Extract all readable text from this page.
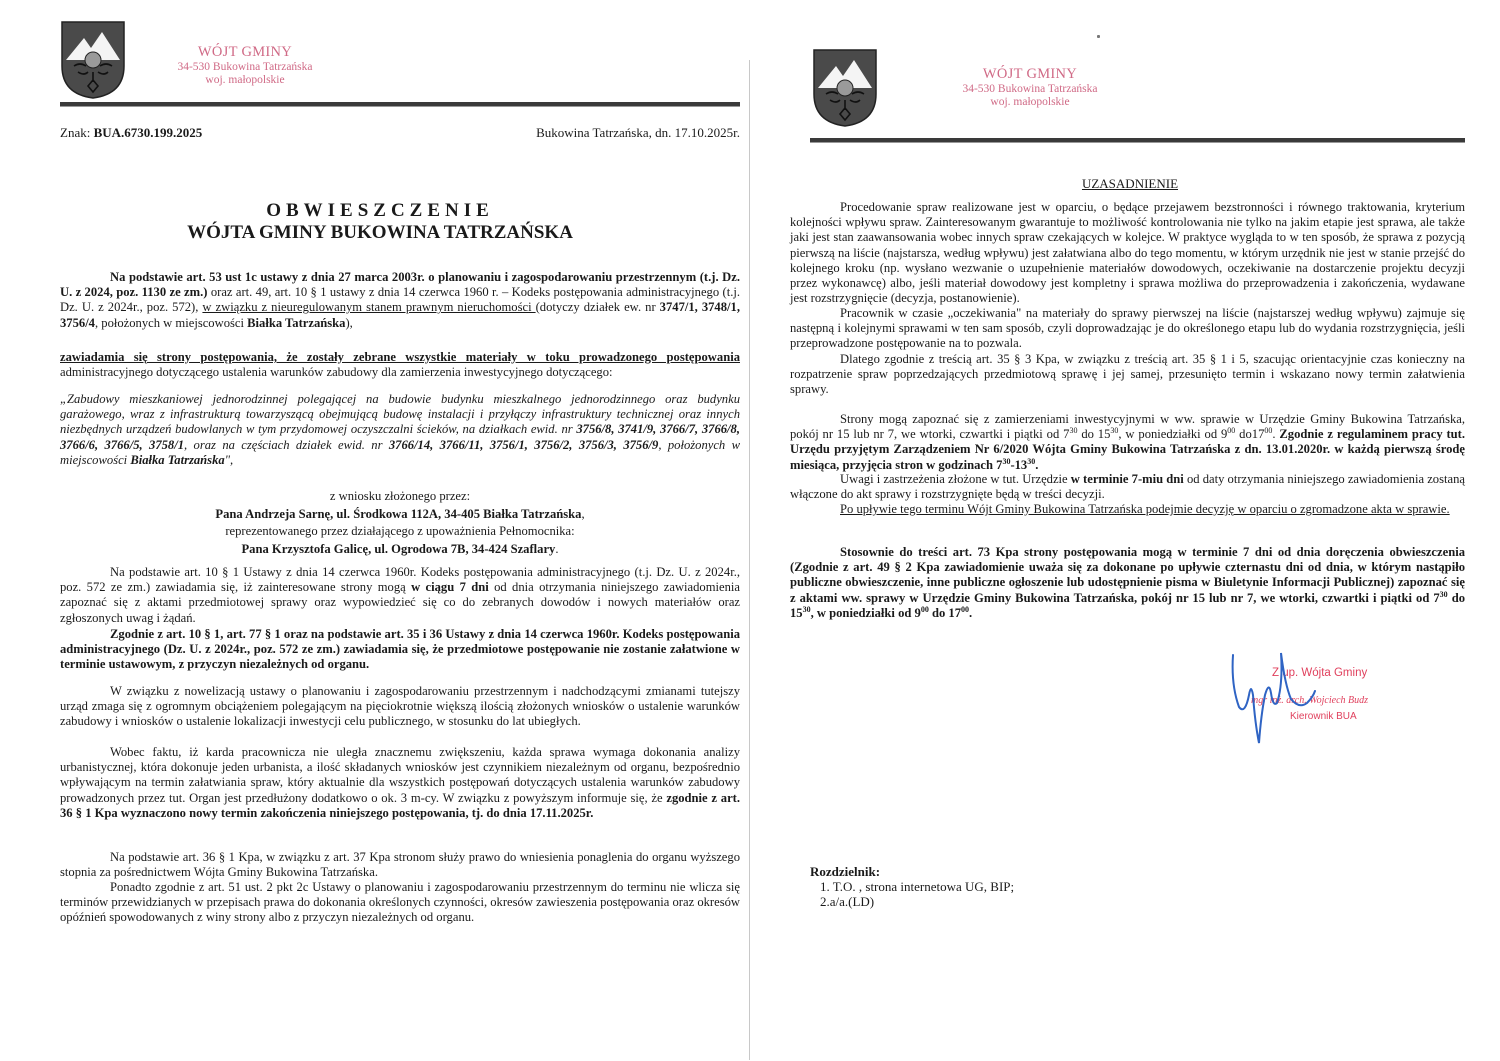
WÓJT GMINY
34-530 Bukowina Tatrzańska
woj. małopolskie
Znak: BUA.6730.199.2025	Bukowina Tatrzańska, dn. 17.10.2025r.
OBWIESZCZENIE
WÓJTA GMINY BUKOWINA TATRZAŃSKA
Na podstawie art. 53 ust 1c ustawy z dnia 27 marca 2003r. o planowaniu i zagospodarowaniu przestrzennym (t.j. Dz. U. z 2024, poz. 1130 ze zm.) oraz art. 49, art. 10 § 1 ustawy z dnia 14 czerwca 1960 r. – Kodeks postępowania administracyjnego (t.j. Dz. U. z 2024r., poz. 572), w związku z nieuregulowanym stanem prawnym nieruchomości (dotyczy działek ew. nr 3747/1, 3748/1, 3756/4, położonych w miejscowości Białka Tatrzańska),
zawiadamia się strony postępowania, że zostały zebrane wszystkie materiały w toku prowadzonego postępowania administracyjnego dotyczącego ustalenia warunków zabudowy dla zamierzenia inwestycyjnego dotyczącego:
„Zabudowy mieszkaniowej jednorodzinnej polegającej na budowie budynku mieszkalnego jednorodzinnego oraz budynku garażowego, wraz z infrastrukturą towarzyszącą obejmującą budowę instalacji i przyłączy infrastruktury technicznej oraz innych niezbędnych urządzeń budowlanych w tym przydomowej oczyszczalni ścieków, na działkach ewid. nr 3756/8, 3741/9, 3766/7, 3766/8, 3766/6, 3766/5, 3758/1, oraz na częściach działek ewid. nr 3766/14, 3766/11, 3756/1, 3756/2, 3756/3, 3756/9, położonych w miejscowości Białka Tatrzańska",
z wniosku złożonego przez:
Pana Andrzeja Sarnę, ul. Środkowa 112A, 34-405 Białka Tatrzańska,
reprezentowanego przez działającego z upoważnienia Pełnomocnika:
Pana Krzysztofa Galicę, ul. Ogrodowa 7B, 34-424 Szaflary.
Na podstawie art. 10 § 1 Ustawy z dnia 14 czerwca 1960r. Kodeks postępowania administracyjnego (t.j. Dz. U. z 2024r., poz. 572 ze zm.) zawiadamia się, iż zainteresowane strony mogą w ciągu 7 dni od dnia otrzymania niniejszego zawiadomienia zapoznać się z aktami przedmiotowej sprawy oraz wypowiedzieć się co do zebranych dowodów i nowych materiałów oraz zgłoszonych uwag i żądań.
Zgodnie z art. 10 § 1, art. 77 § 1 oraz na podstawie art. 35 i 36 Ustawy z dnia 14 czerwca 1960r. Kodeks postępowania administracyjnego (Dz. U. z 2024r., poz. 572 ze zm.) zawiadamia się, że przedmiotowe postępowanie nie zostanie załatwione w terminie ustawowym, z przyczyn niezależnych od organu.
W związku z nowelizacją ustawy o planowaniu i zagospodarowaniu przestrzennym i nadchodzącymi zmianami tutejszy urząd zmaga się z ogromnym obciążeniem polegającym na pięciokrotnie większą ilością złożonych wniosków o ustalenie warunków zabudowy i wniosków o ustalenie lokalizacji inwestycji celu publicznego, w stosunku do lat ubiegłych.
Wobec faktu, iż karda pracownicza nie uległa znacznemu zwiększeniu, każda sprawa wymaga dokonania analizy urbanistycznej, która dokonuje jeden urbanista, a ilość składanych wniosków jest czynnikiem niezależnym od organu, bezpośrednio wpływającym na termin załatwiania spraw, który aktualnie dla wszystkich postępowań dotyczących ustalenia warunków zabudowy prowadzonych przez tut. Organ jest przedłużony dodatkowo o ok. 3 m-cy. W związku z powyższym informuje się, że zgodnie z art. 36 § 1 Kpa wyznaczono nowy termin zakończenia niniejszego postępowania, tj. do dnia 17.11.2025r.
Na podstawie art. 36 § 1 Kpa, w związku z art. 37 Kpa stronom służy prawo do wniesienia ponaglenia do organu wyższego stopnia za pośrednictwem Wójta Gminy Bukowina Tatrzańska.
Ponadto zgodnie z art. 51 ust. 2 pkt 2c Ustawy o planowaniu i zagospodarowaniu przestrzennym do terminu nie wlicza się terminów przewidzianych w przepisach prawa do dokonania określonych czynności, okresów zawieszenia postępowania oraz okresów opóźnień spowodowanych z winy strony albo z przyczyn niezależnych od organu.
WÓJT GMINY
34-530 Bukowina Tatrzańska
woj. małopolskie
UZASADNIENIE
Procedowanie spraw realizowane jest w oparciu, o będące przejawem bezstronności i równego traktowania, kryterium kolejności wpływu spraw. Zainteresowanym gwarantuje to możliwość kontrolowania nie tylko na jakim etapie jest sprawa, ale także jaki jest stan zaawansowania wobec innych spraw czekających w kolejce. W praktyce wygląda to w ten sposób, że sprawa z pozycją pierwszą na liście (najstarsza, według wpływu) jest załatwiana albo do tego momentu, w którym urzędnik nie jest w stanie przejść do kolejnego kroku (np. wysłano wezwanie o uzupełnienie materiałów dowodowych, oczekiwanie na dostarczenie projektu decyzji przez wykonawcę) albo, jeśli materiał dowodowy jest kompletny i sprawa możliwa do przeprowadzenia i zakończenia, wydawane jest rozstrzygnięcie (decyzja, postanowienie).
Pracownik w czasie „oczekiwania" na materiały do sprawy pierwszej na liście (najstarszej według wpływu) zajmuje się następną i kolejnymi sprawami w ten sam sposób, czyli doprowadzając je do określonego etapu lub do wydania rozstrzygnięcia, jeśli przeprowadzone postępowanie na to pozwala.
Dlatego zgodnie z treścią art. 35 § 3 Kpa, w związku z treścią art. 35 § 1 i 5, szacując orientacyjnie czas konieczny na rozpatrzenie spraw poprzedzających przedmiotową sprawę i jej samej, przesunięto termin i wskazano nowy termin załatwienia sprawy.
Strony mogą zapoznać się z zamierzeniami inwestycyjnymi w ww. sprawie w Urzędzie Gminy Bukowina Tatrzańska, pokój nr 15 lub nr 7, we wtorki, czwartki i piątki od $7^{30}$ do $15^{30}$, w poniedziałki od $9^{00}$ $do17^{00}$. Zgodnie z regulaminem pracy tut. Urzędu przyjętym Zarządzeniem Nr 6/2020 Wójta Gminy Bukowina Tatrzańska z dn. 13.01.2020r. w każdą pierwszą środę miesiąca, przyjęcia stron w godzinach $7^{30}-13^{30}$.
Uwagi i zastrzeżenia złożone w tut. Urzędzie w terminie 7-miu dni od daty otrzymania niniejszego zawiadomienia zostaną włączone do akt sprawy i rozstrzygnięte będą w treści decyzji.
Po upływie tego terminu Wójt Gminy Bukowina Tatrzańska podejmie decyzję w oparciu o zgromadzone akta w sprawie.
Stosownie do treści art. 73 Kpa strony postępowania mogą w terminie 7 dni od dnia doręczenia obwieszczenia (Zgodnie z art. 49 § 2 Kpa zawiadomienie uważa się za dokonane po upływie czternastu dni od dnia, w którym nastąpiło publiczne obwieszczenie, inne publiczne ogłoszenie lub udostępnienie pisma w Biuletynie Informacji Publicznej) zapoznać się z aktami ww. sprawy w Urzędzie Gminy Bukowina Tatrzańska, pokój nr 15 lub nr 7, we wtorki, czwartki i piątki od $7^{30}$ do $15^{30}$, w poniedziałki od $9^{00}$ do $17^{00}$.
Z up. Wójta Gminy
mgr inż. arch. Wojciech Budz
Kierownik BUA
Rozdzielnik:
1. T.O. , strona internetowa UG, BIP;
2.a/a.(LD)
